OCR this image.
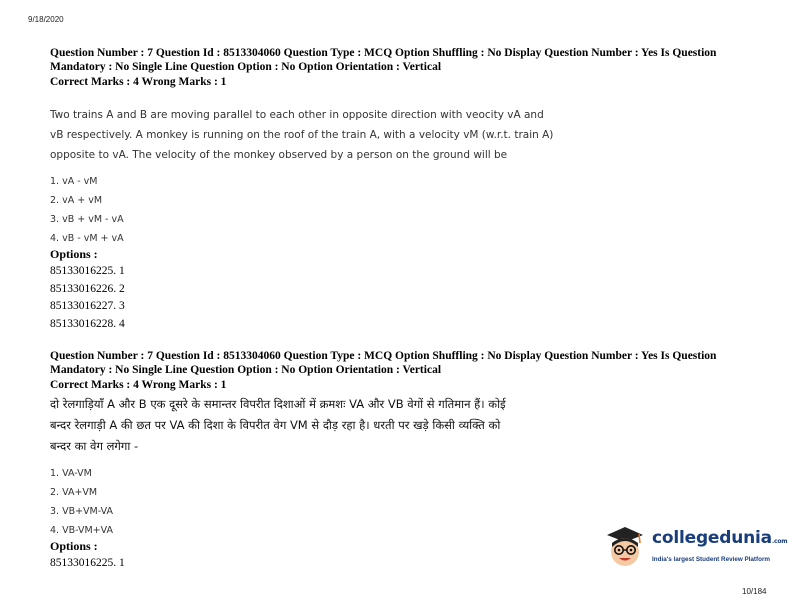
9/18/2020
Question Number : 7 Question Id : 8513304060 Question Type : MCQ Option Shuffling : No Display Question Number : Yes Is Question
Mandatory : No Single Line Question Option : No Option Orientation : Vertical
Correct Marks : 4 Wrong Marks : 1
Two trains A and B are moving parallel to each other in opposite direction with veocity vA and
vB respectively. A monkey is running on the roof of the train A, with a velocity vM (w.r.t. train A)
opposite to vA. The velocity of the monkey observed by a person on the ground will be
1. vA - vM
2. vA + vM
3. vB + vM - vA
4. vB - vM + vA
Options :
85133016225. 1
85133016226. 2
85133016227. 3
85133016228. 4
Question Number : 7 Question Id : 8513304060 Question Type : MCQ Option Shuffling : No Display Question Number : Yes Is Question
Mandatory : No Single Line Question Option : No Option Orientation : Vertical
Correct Marks : 4 Wrong Marks : 1
दो रेलगाड़ियाँ A और B एक दूसरे के समान्तर विपरीत दिशाओं में क्रमशः VA और VB वेगों से गतिमान हैं। कोई
बन्दर रेलगाड़ी A की छत पर VA की दिशा के विपरीत वेग VM से दौड़ रहा है। धरती पर खड़े किसी व्यक्ति को
बन्दर का वेग लगेगा -
1. VA-VM
2. VA+VM
3. VB+VM-VA
4. VB-VM+VA
Options :
85133016225. 1
collegedunia.com
India's largest Student Review Platform
10/184
